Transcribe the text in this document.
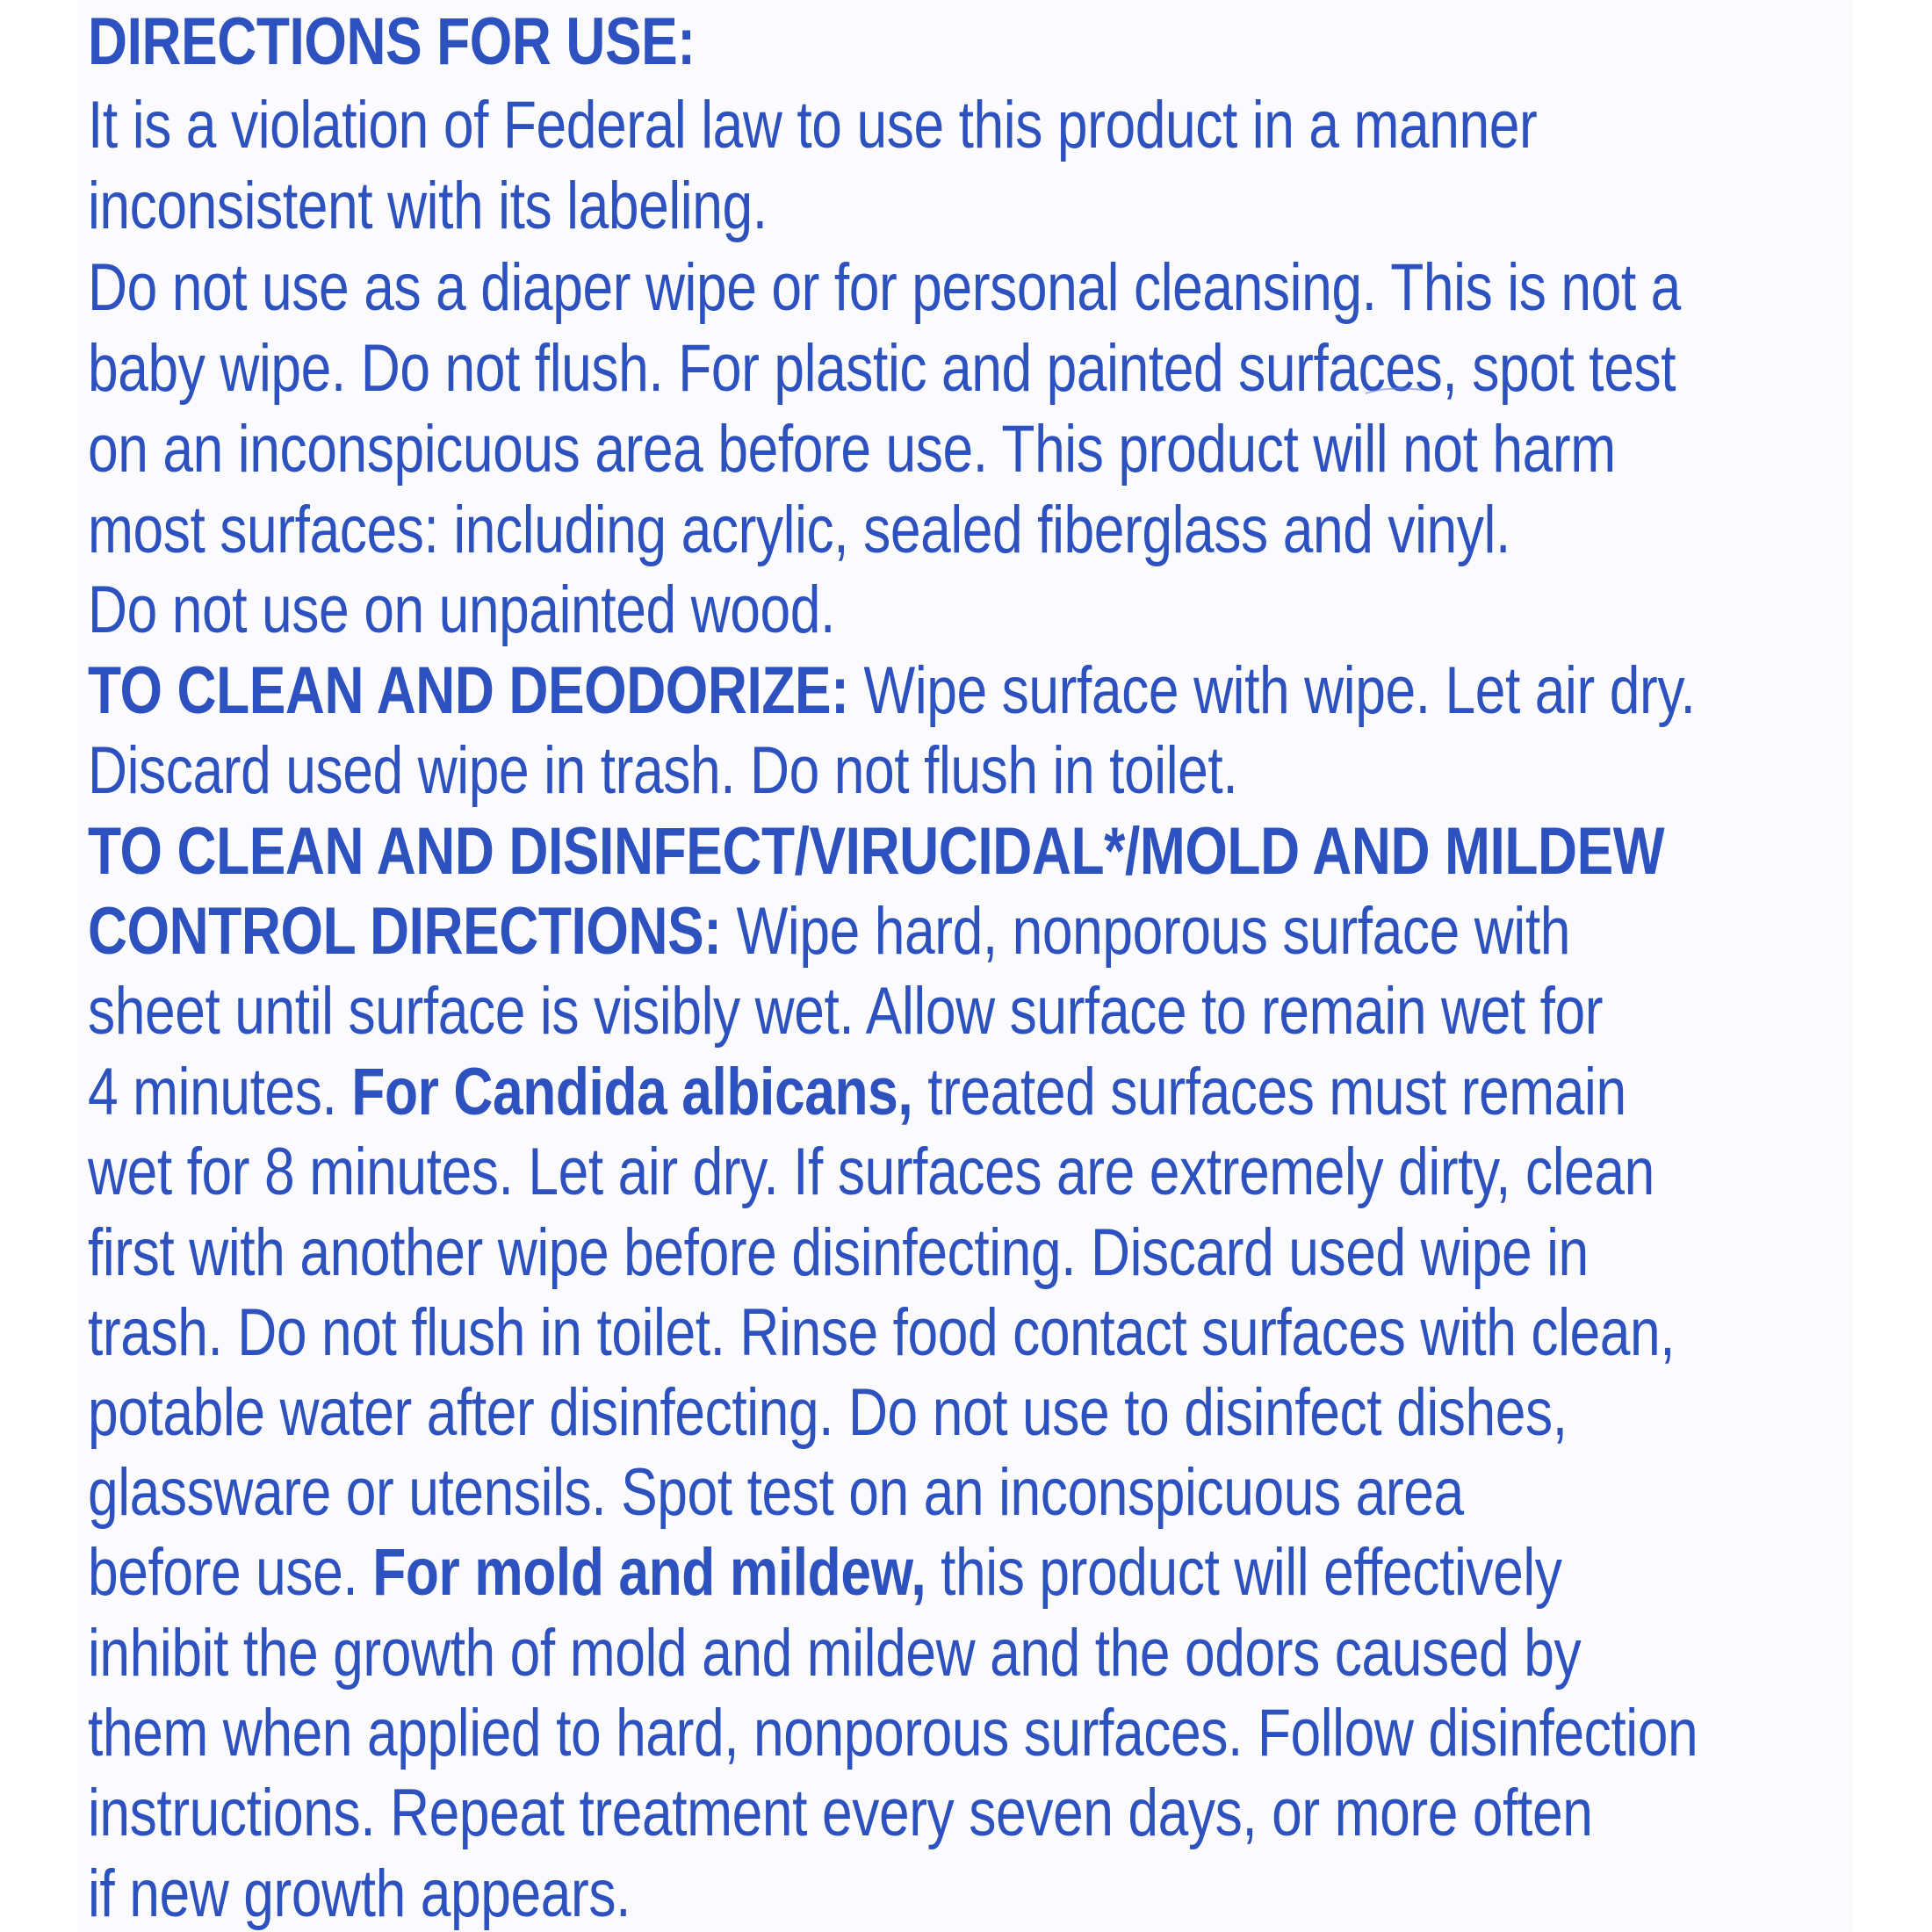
DIRECTIONS FOR USE:
It is a violation of Federal law to use this product in a manner
inconsistent with its labeling.
Do not use as a diaper wipe or for personal cleansing. This is not a
baby wipe. Do not flush. For plastic and painted surfaces, spot test
on an inconspicuous area before use. This product will not harm
most surfaces: including acrylic, sealed fiberglass and vinyl.
Do not use on unpainted wood.
TO CLEAN AND DEODORIZE: Wipe surface with wipe. Let air dry.
Discard used wipe in trash. Do not flush in toilet.
TO CLEAN AND DISINFECT/VIRUCIDAL*/MOLD AND MILDEW
CONTROL DIRECTIONS: Wipe hard, nonporous surface with
sheet until surface is visibly wet. Allow surface to remain wet for
4 minutes. For Candida albicans, treated surfaces must remain
wet for 8 minutes. Let air dry. If surfaces are extremely dirty, clean
first with another wipe before disinfecting. Discard used wipe in
trash. Do not flush in toilet. Rinse food contact surfaces with clean,
potable water after disinfecting. Do not use to disinfect dishes,
glassware or utensils. Spot test on an inconspicuous area
before use. For mold and mildew, this product will effectively
inhibit the growth of mold and mildew and the odors caused by
them when applied to hard, nonporous surfaces. Follow disinfection
instructions. Repeat treatment every seven days, or more often
if new growth appears.
